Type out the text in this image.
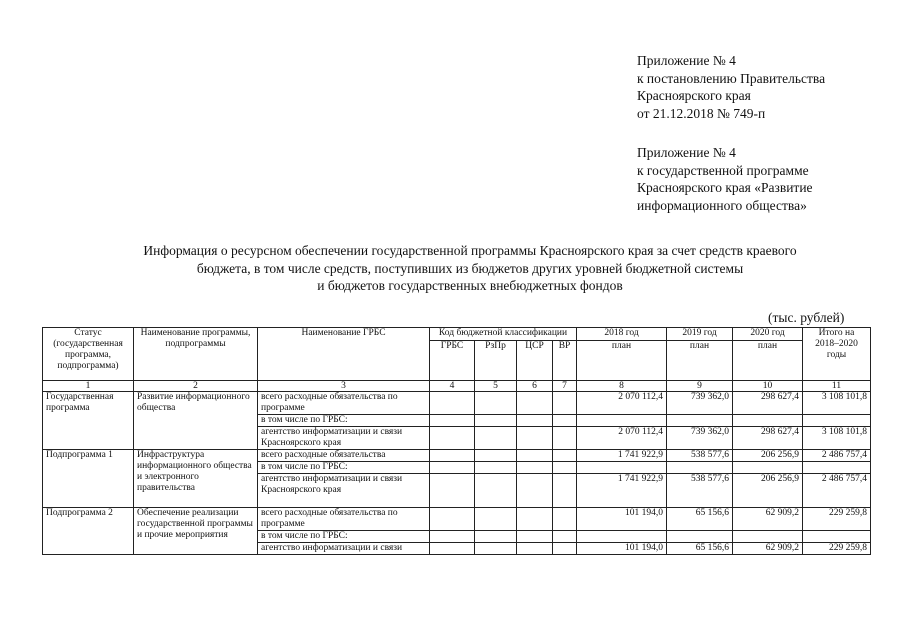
Приложение № 4
к постановлению Правительства
Красноярского края
от 21.12.2018 № 749-п
Приложение № 4
к государственной программе
Красноярского края «Развитие
информационного общества»
Информация о ресурсном обеспечении государственной программы Красноярского края за счет средств краевого
бюджета, в том числе средств, поступивших из бюджетов других уровней бюджетной системы
и бюджетов государственных внебюджетных фондов
(тыс. рублей)
Статус (государственная программа, подпрограмма)	Наименование программы, подпрограммы	Наименование ГРБС	Код бюджетной классификации				2018 год	2019 год	2020 год	Итого на
2018–2020
годы

			ГРБС	РзПр	ЦСР	ВР	план	план	план	
1	2	3	4	5	6	7	8	9	10	11
Государственная программа	Развитие информационного общества	всего расходные обязательства по программе					2 070 112,4	739 362,0	298 627,4	3 108 101,8
		в том числе по ГРБС:								
		агентство информатизации и связи Красноярского края					2 070 112,4	739 362,0	298 627,4	3 108 101,8
Подпрограмма 1	Инфраструктура информационного общества и электронного правительства	всего расходные обязательства					1 741 922,9	538 577,6	206 256,9	2 486 757,4
		в том числе по ГРБС:								
		агентство информатизации и связи Красноярского края					1 741 922,9	538 577,6	206 256,9	2 486 757,4
Подпрограмма 2	Обеспечение реализации государственной программы и прочие мероприятия	всего расходные обязательства по программе					101 194,0	65 156,6	62 909,2	229 259,8
		в том числе по ГРБС:								
		агентство информатизации и связи					101 194,0	65 156,6	62 909,2	229 259,8
